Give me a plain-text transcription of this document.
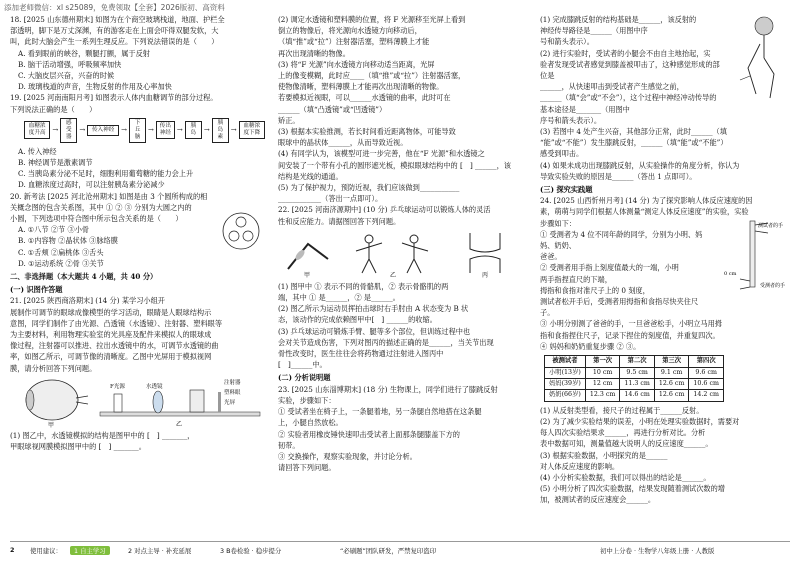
添加老师微信：xl s25089，免费领取【全套】2026版初、高资料

18. [2025 山东德州期末] 如图为在个商空玻璃栈道，地面、护栏全

部透明，脚下是万丈深渊，有的游客走在上面会吓得双腿发软，大

叫，此时大脑会产生一系列生理反应。下列说法错误的是（　　）

A. 看到眼前的峡谷，颗腿打颤，属于反射

B. 脑干活动增强，呼吸频率加快

C. 大脑皮层兴奋，兴奋的时候

D. 玻璃栈道的声音，生物反射的作用及心率加快

19. [2025 河南南阳月考] 如图表示人体内血糖调节的部分过程。

下列说法正确的是（　　）

血糖浓度升高 →
感受器
→	传入神经 →
下丘脑
→	传出神经 →	胰岛	→
胰岛素
→	血糖浓度下降

A. 传入神经

B. 神经调节是激素调节

C. 当胰岛素分泌不足时，细胞利用葡萄糖的能力会上升

D. 血糖浓度过高时，可以注射胰岛素分泌减少

20. 新考法 [2025 河北沧州期末] 如图是由 3 个圆所构成的相

关概念图的包含关系图，其中 ① ② ③ 分别为大圆之内的

小圆，下列选项中符合图中所示包含关系的是（　　）

A. ①八节 ②节 ③小骨

B. ①内容物 ②晶状体 ③脉络膜

C. ①舌颊 ②扁桃体 ③舌头

D. ①运动系统 ②骨 ③关节

二、非选择题（本大题共 4 小题，共 40 分）

(一) 识图作答题

21. [2025 陕西商洛期末] (14 分) 某学习小组开

展制作可调节的眼球成像模型的学习活动，眼睛是人眼球结构示

意图，同学们制作了由光源、凸透镜（水透镜）、注射器、塑料眼等

为主要材料，利用物理实验室的光具座及配件来模拟人的眼球成

像过程，注射器可以推进、拉出水透镜中的水，可调节水透镜的曲

率，如图乙所示，可调节像的清晰度。乙图中光屏用于模拟视网

膜，请分析回答下列问题。

甲
F光源	水透镜
注射器
塑料眼
光屏
乙

(1) 图乙中，水透镜模拟的结构是图甲中的 [　] _______，

甲眼球视网膜模拟图甲中的 [　] _______。

(2) 调定水透镜和塑料膜的位置，将 F 光源移至光屏上看到

倒立的物像后，将光源向水透镜方向移动后，

（填“推”或“拉”）注射器活塞，塑料薄膜上才能

再次出现清晰的物像。

(3) 将“F 光源”向水透镜方向移动适当距离，光屏

上的像变模糊，此时应____（填“推”或“拉”）注射器活塞，

使物像清晰，塑料薄膜上才能再次出现清晰的物像。

若要模拟近视眼，可以______水透镜的曲率，此时可在

______（填“凸透镜”或“凹透镜”）

矫正。

(3) 根据本实验推测，若长时间看近距离物体，可能导致

眼球中的晶状体______，从而导致近视。

(4) 有同学认为，该模型可进一步完善，他在“F 光源”和水透镜之

间安装了一个带有小孔的圆形遮光板，模拟眼球结构中的 [　] ______，该

结构是光线的通道。

(5) 为了保护视力，预防近视，我们应该做到___________

____________（答出一点即可）。

22. [2025 河南济源期中] (10 分) 乒乓球运动可以锻炼人体的灵活

性和反应能力。请据图回答下列问题。

甲	乙	丙

(1) 图甲中 ① 表示不同的骨骼肌，② 表示骨骼肌的两

端，其中 ① 是______，② 是______。

(2) 图乙所示为运动员挥拍击球时右手肘由 A 状态变为 B 状

态，该动作的完成依赖图甲中[　] ______的收缩。

(3) 乒乓球运动可锻炼手臂、腿等多个部位，但训练过程中也

会对关节造成伤害，下列对图丙的描述正确的是______，当关节出现

骨性改变时，医生往往会将药物通过注射进入图丙中

[　]______中。

(二) 分析说明题

23. [2025 山东淄博期末] (18 分) 生物课上，同学们进行了膝跳反射

实验，步骤如下：

① 受试者坐在椅子上，一条腿着地，另一条腿自然地搭在这条腿

上，小腿自然放松。

② 实验者用橡皮锤快速叩击受试者上面那条腿膝盖下方的

韧带。

③ 交换操作，观察实验现象，并讨论分析。

请回答下列问题。

(1) 完成膝跳反射的结构基础是______，该反射的

神经传导路径是______（用图中序

号和箭头表示）。

(2) 进行实验时，受试者的小腿会不由自主地抬起，实

验者发现受试者感觉到膝盖被叩击了，这种感觉形成的部位是

______，从快速叩击到受试者产生感觉之前，

______（填“会”或“不会”），这个过程中神经冲动传导的

基本途径是_______（用图中

序号和箭头表示）。

(3) 若图中 4 处产生兴奋，其他部分正常，此时______（填

“能”或“不能”）发生膝跳反射，______（填“能”或“不能”）

感受到叩击。

(4) 如果未成功出现膝跳反射，从实验操作的角度分析，你认为

导致实验失败的原因是______（答出 1 点即可）。

(三) 探究实践题

24. [2025 山西忻州月考] (14 分) 为了探究影响人体反应速度的因

素，萌萌与同学们根据人体测量“测定人体反应速度”的实验，实验

步骤如下：

① 受测者为 4 位不同年龄的同学，分别为小明、妈妈、奶奶、

爸爸。

② 受测者用手指上刻度值最大的一端，小明

两手指捏直尺的下端，

拇指和食指对准尺子上的 0 刻度，

测试者松开手后，受测者用拇指和食指尽快夹住尺子。

③ 小明分别测了爸爸的手，一旦爸爸松手，小明立马用拇

指和食指捏住尺子，记录下捏住的刻度值，并重复四次。

④ 妈妈和奶奶重复步骤 ② ③。

测试者的手
受测者的手
0 cm
被测试者	第一次	第二次	第三次	第四次
小明(13岁)	10 cm	9.5 cm	9.1 cm	9.6 cm
妈妈(39岁)	12 cm	11.3 cm	12.6 cm	10.6 cm
奶奶(66岁)	12.3 cm	14.6 cm	12.6 cm	14.2 cm

(1) 从反射类型看，接尺子的过程属于______反射。

(2) 为了减少实验结果的误差，小明在处理实验数据时，需要对

每人四次实验结果求______，再进行分析对比。分析

表中数据可知，测量值越大说明人的反应速度______。

(3) 根据实验数据，小明探究的是______

对人体反应速度的影响。

(4) 小分析实验数据，我们可以得出的结论是______。

(5) 小明分析了四次实验数据，结果发现随着测试次数的增

加，被测试者的反应速度会______。

2 使用建议：	1 自主学习	2 对点主导 · 补充延展	3 B卷检验 · 稳步提分	“必刷题”团队研发，严禁复印盗印	初中上分卷 · 生物学八年级上册 · 人教版
